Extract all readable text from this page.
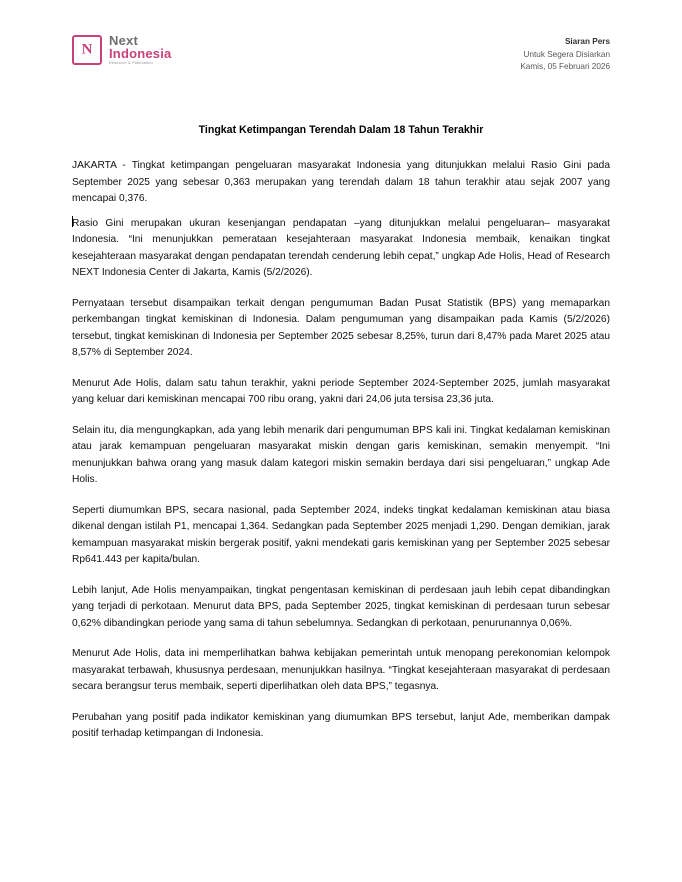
N
Next
Indonesia
Research & Publication
Siaran Pers
Untuk Segera Disiarkan
Kamis, 05 Februari 2026
Tingkat Ketimpangan Terendah Dalam 18 Tahun Terakhir

JAKARTA - Tingkat ketimpangan pengeluaran masyarakat Indonesia yang ditunjukkan melalui Rasio Gini pada September 2025 yang sebesar 0,363 merupakan yang terendah dalam 18 tahun terakhir atau sejak 2007 yang mencapai 0,376.

Rasio Gini merupakan ukuran kesenjangan pendapatan –yang ditunjukkan melalui pengeluaran– masyarakat Indonesia. “Ini menunjukkan pemerataan kesejahteraan masyarakat Indonesia membaik, kenaikan tingkat kesejahteraan masyarakat dengan pendapatan terendah cenderung lebih cepat,” ungkap Ade Holis, Head of Research NEXT Indonesia Center di Jakarta, Kamis (5/2/2026).

Pernyataan tersebut disampaikan terkait dengan pengumuman Badan Pusat Statistik (BPS) yang memaparkan perkembangan tingkat kemiskinan di Indonesia. Dalam pengumuman yang disampaikan pada Kamis (5/2/2026) tersebut, tingkat kemiskinan di Indonesia per September 2025 sebesar 8,25%, turun dari 8,47% pada Maret 2025 atau 8,57% di September 2024.

Menurut Ade Holis, dalam satu tahun terakhir, yakni periode September 2024-September 2025, jumlah masyarakat yang keluar dari kemiskinan mencapai 700 ribu orang, yakni dari 24,06 juta tersisa 23,36 juta.

Selain itu, dia mengungkapkan, ada yang lebih menarik dari pengumuman BPS kali ini. Tingkat kedalaman kemiskinan atau jarak kemampuan pengeluaran masyarakat miskin dengan garis kemiskinan, semakin menyempit. “Ini menunjukkan bahwa orang yang masuk dalam kategori miskin semakin berdaya dari sisi pengeluaran,” ungkap Ade Holis.

Seperti diumumkan BPS, secara nasional, pada September 2024, indeks tingkat kedalaman kemiskinan atau biasa dikenal dengan istilah P1, mencapai 1,364. Sedangkan pada September 2025 menjadi 1,290. Dengan demikian, jarak kemampuan masyarakat miskin bergerak positif, yakni mendekati garis kemiskinan yang per September 2025 sebesar Rp641.443 per kapita/bulan.

Lebih lanjut, Ade Holis menyampaikan, tingkat pengentasan kemiskinan di perdesaan jauh lebih cepat dibandingkan yang terjadi di perkotaan. Menurut data BPS, pada September 2025, tingkat kemiskinan di perdesaan turun sebesar 0,62% dibandingkan periode yang sama di tahun sebelumnya. Sedangkan di perkotaan, penurunannya 0,06%.

Menurut Ade Holis, data ini memperlihatkan bahwa kebijakan pemerintah untuk menopang perekonomian kelompok masyarakat terbawah, khususnya perdesaan, menunjukkan hasilnya. “Tingkat kesejahteraan masyarakat di perdesaan secara berangsur terus membaik, seperti diperlihatkan oleh data BPS,” tegasnya.

Perubahan yang positif pada indikator kemiskinan yang diumumkan BPS tersebut, lanjut Ade, memberikan dampak positif terhadap ketimpangan di Indonesia.
